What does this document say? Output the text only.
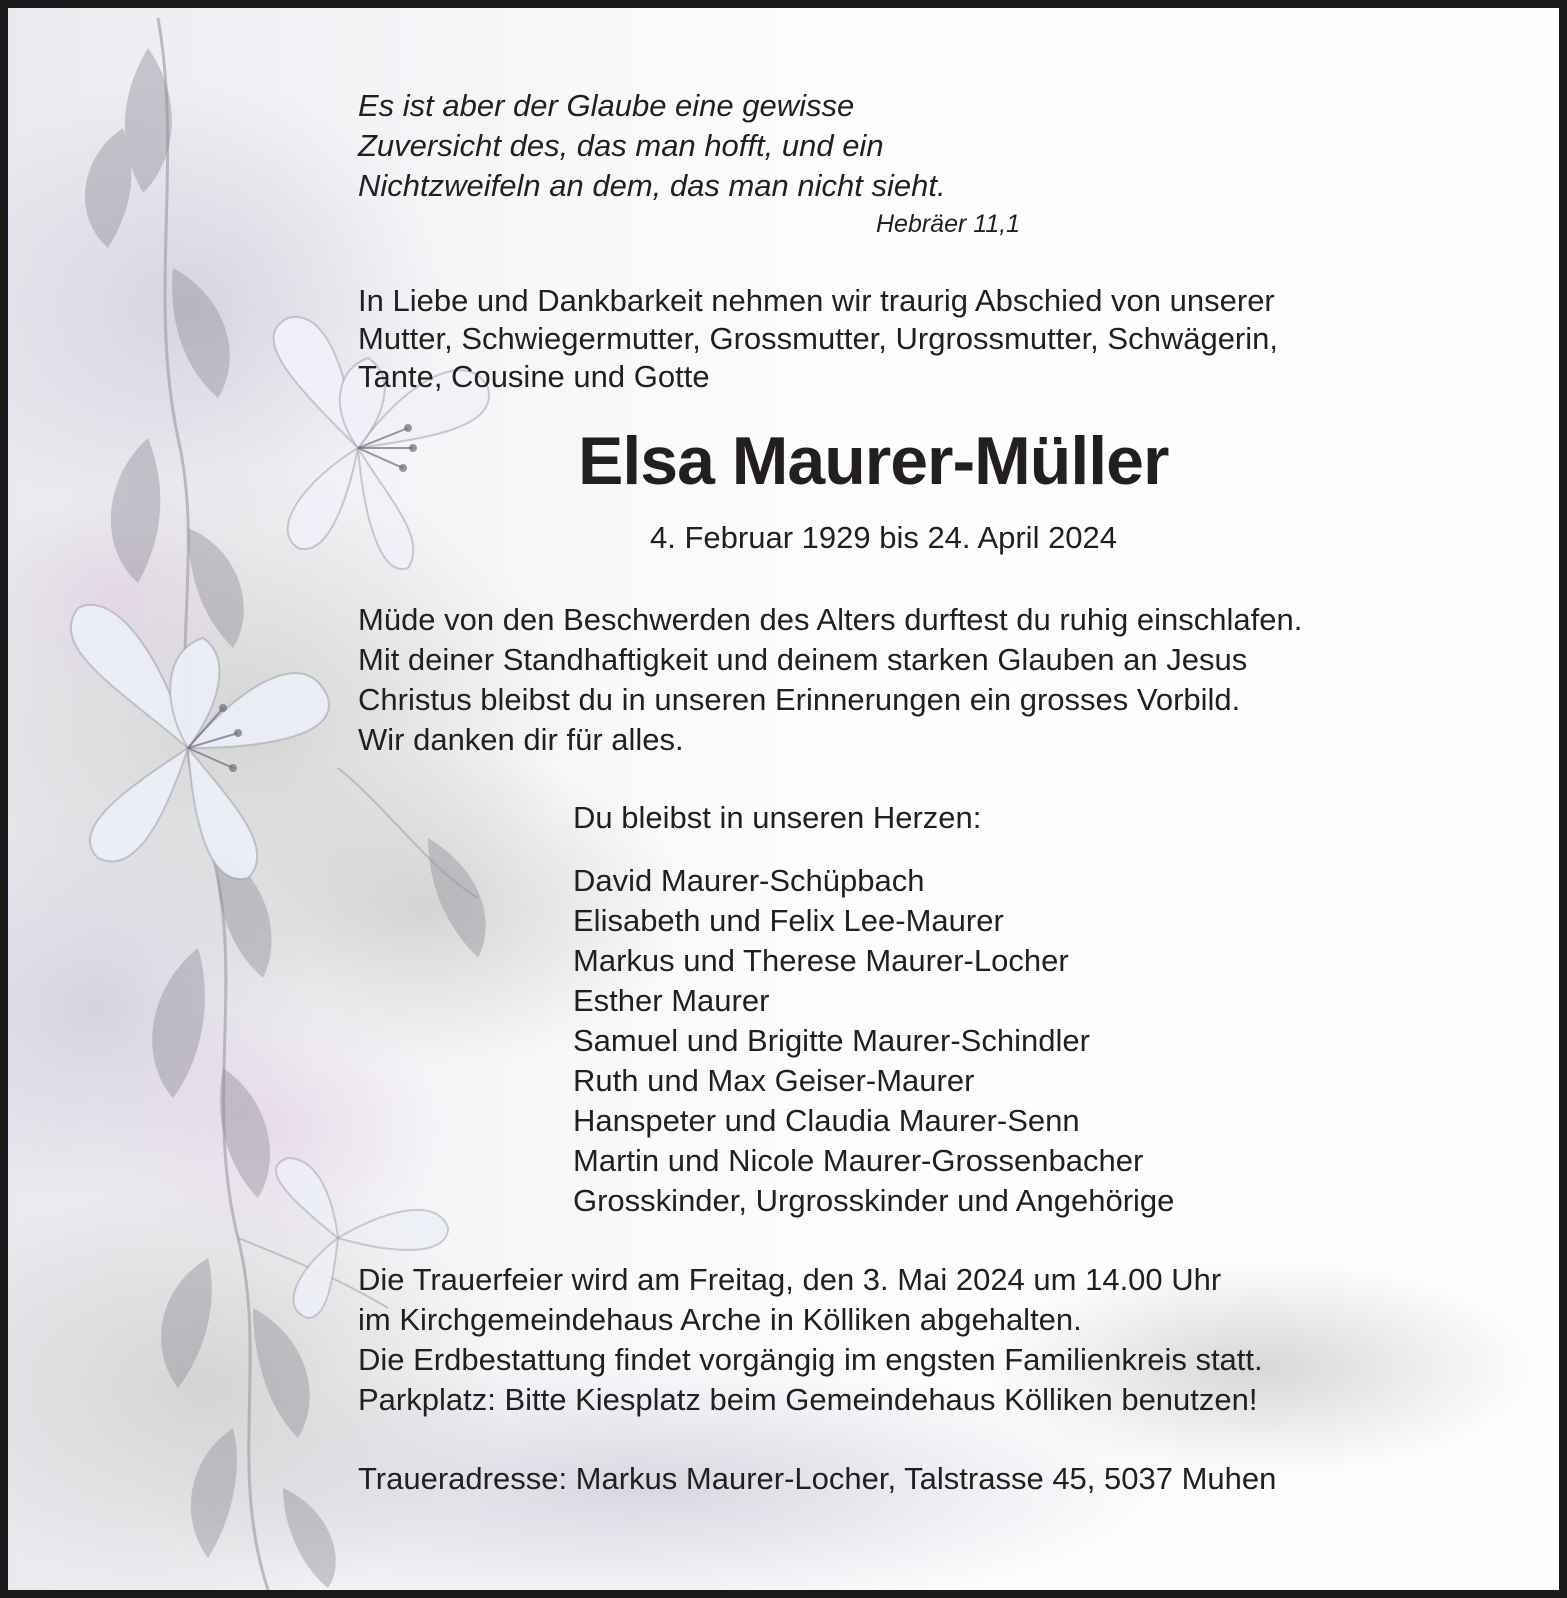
Es ist aber der Glaube eine gewisse
Zuversicht des, das man hofft, und ein
Nichtzweifeln an dem, das man nicht sieht.
Hebräer 11,1
In Liebe und Dankbarkeit nehmen wir traurig Abschied von unserer
Mutter, Schwiegermutter, Grossmutter, Urgrossmutter, Schwägerin,
Tante, Cousine und Gotte
Elsa Maurer-Müller
4. Februar 1929 bis 24. April 2024
Müde von den Beschwerden des Alters durftest du ruhig einschlafen.
Mit deiner Standhaftigkeit und deinem starken Glauben an Jesus
Christus bleibst du in unseren Erinnerungen ein grosses Vorbild.
Wir danken dir für alles.
Du bleibst in unseren Herzen:
David Maurer-Schüpbach
Elisabeth und Felix Lee-Maurer
Markus und Therese Maurer-Locher
Esther Maurer
Samuel und Brigitte Maurer-Schindler
Ruth und Max Geiser-Maurer
Hanspeter und Claudia Maurer-Senn
Martin und Nicole Maurer-Grossenbacher
Grosskinder, Urgrosskinder und Angehörige
Die Trauerfeier wird am Freitag, den 3. Mai 2024 um 14.00 Uhr
im Kirchgemeindehaus Arche in Kölliken abgehalten.
Die Erdbestattung findet vorgängig im engsten Familienkreis statt.
Parkplatz: Bitte Kiesplatz beim Gemeindehaus Kölliken benutzen!
Traueradresse: Markus Maurer-Locher, Talstrasse 45, 5037 Muhen
